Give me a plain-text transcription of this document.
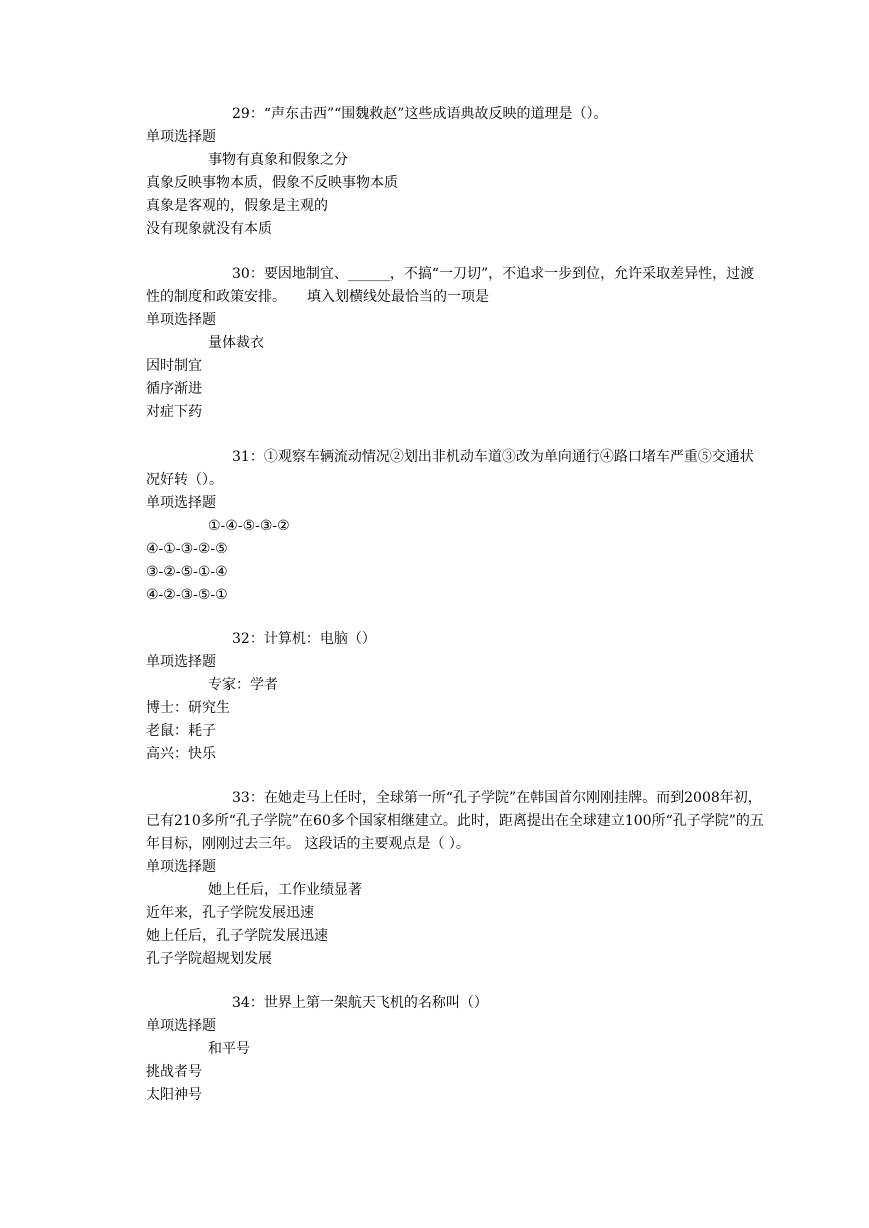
29：“声东击西”“围魏救赵”这些成语典故反映的道理是（）。

单项选择题

事物有真象和假象之分

真象反映事物本质，假象不反映事物本质

真象是客观的，假象是主观的

没有现象就没有本质

30：要因地制宜、______，不搞“一刀切”，不追求一步到位，允许采取差异性，过渡性的制度和政策安排。　　填入划横线处最恰当的一项是

单项选择题

量体裁衣

因时制宜

循序渐进

对症下药

31：①观察车辆流动情况②划出非机动车道③改为单向通行④路口堵车严重⑤交通状况好转（）。

单项选择题

①-④-⑤-③-②

④-①-③-②-⑤

③-②-⑤-①-④

④-②-③-⑤-①

32：计算机：电脑（）

单项选择题

专家：学者

博士：研究生

老鼠：耗子

高兴：快乐

33：在她走马上任时，全球第一所“孔子学院”在韩国首尔刚刚挂牌。而到2008年初，已有210多所“孔子学院”在60多个国家相继建立。此时，距离提出在全球建立100所“孔子学院”的五年目标，刚刚过去三年。 这段话的主要观点是（ ）。

单项选择题

她上任后，工作业绩显著

近年来，孔子学院发展迅速

她上任后，孔子学院发展迅速

孔子学院超规划发展

34：世界上第一架航天飞机的名称叫（）

单项选择题

和平号

挑战者号

太阳神号
